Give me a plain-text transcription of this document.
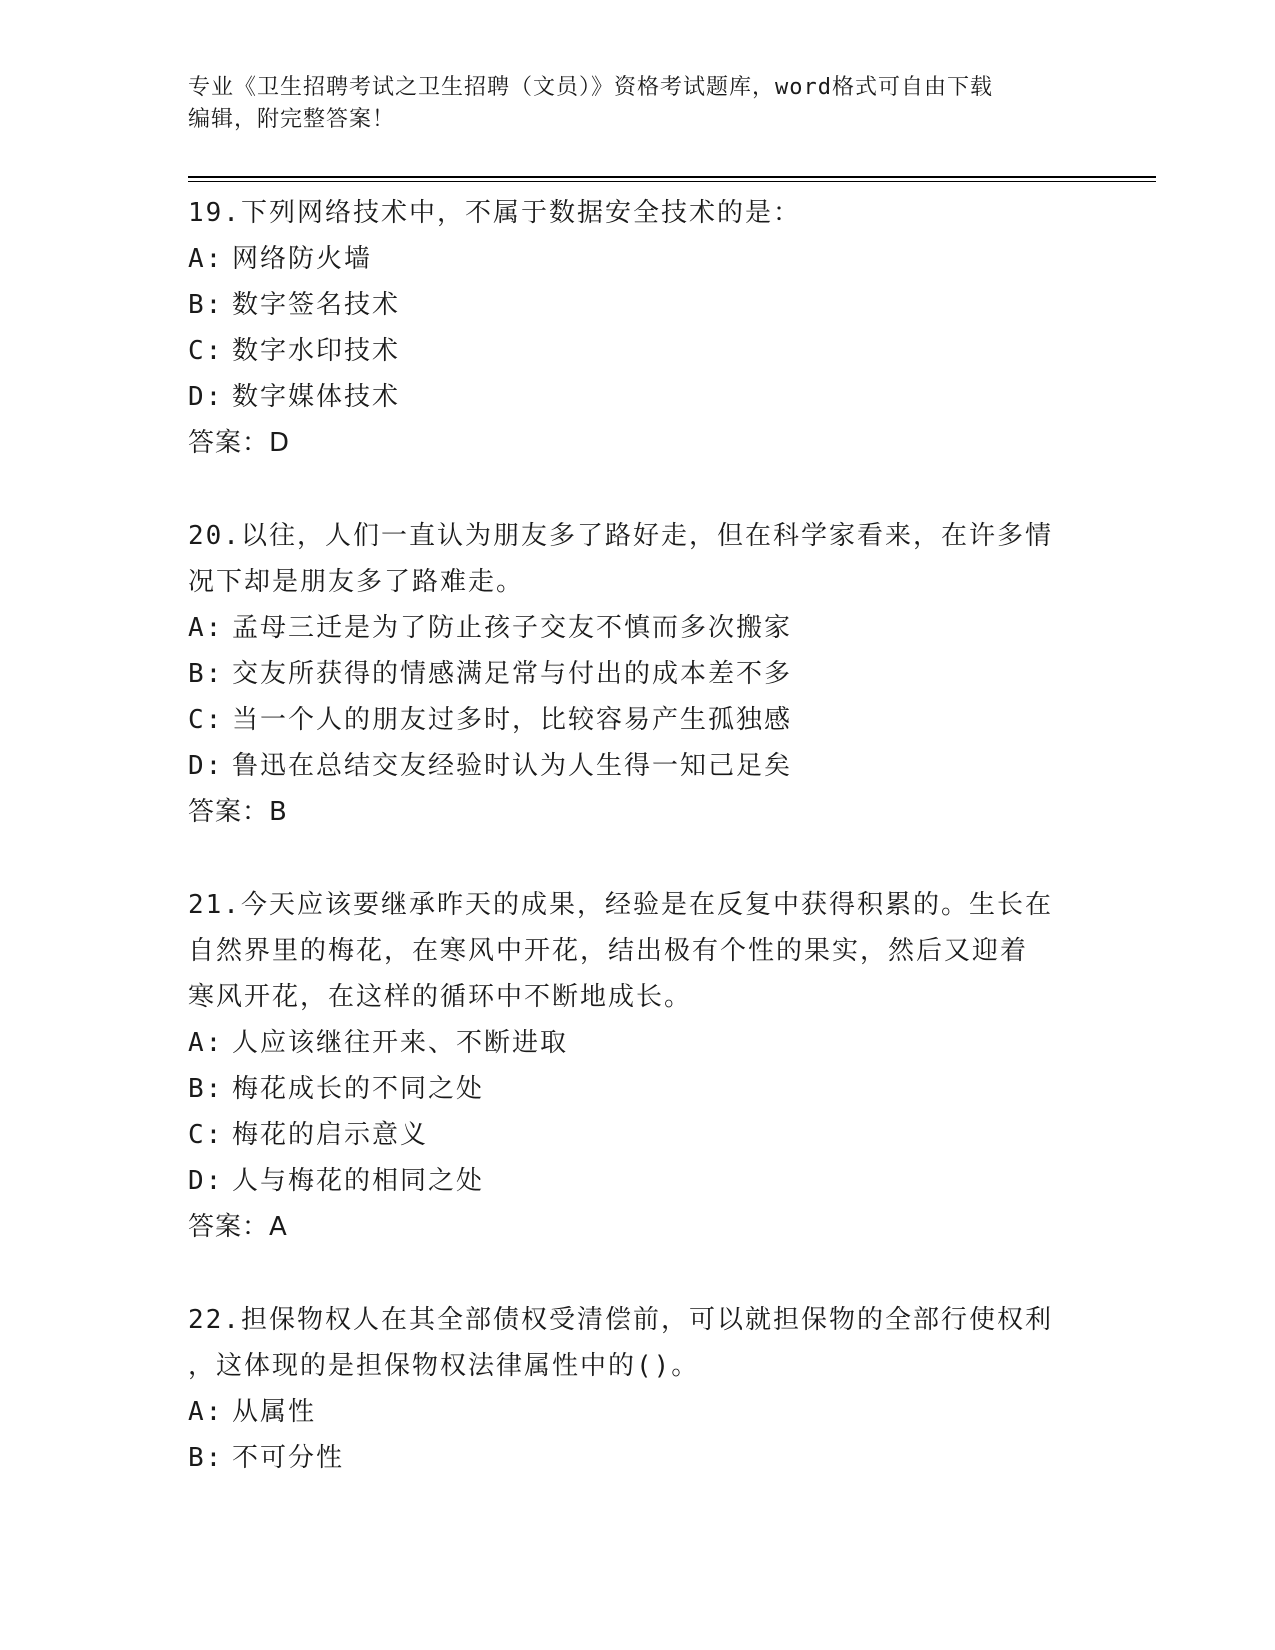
专业《卫生招聘考试之卫生招聘（文员）》资格考试题库，word格式可自由下载
编辑，附完整答案！

19.下列网络技术中，不属于数据安全技术的是：

A: 网络防火墙

B: 数字签名技术

C: 数字水印技术

D: 数字媒体技术

答案：D

20.以往，人们一直认为朋友多了路好走，但在科学家看来，在许多情

况下却是朋友多了路难走。

A: 孟母三迁是为了防止孩子交友不慎而多次搬家

B: 交友所获得的情感满足常与付出的成本差不多

C: 当一个人的朋友过多时，比较容易产生孤独感

D: 鲁迅在总结交友经验时认为人生得一知己足矣

答案：B

21.今天应该要继承昨天的成果，经验是在反复中获得积累的。生长在

自然界里的梅花，在寒风中开花，结出极有个性的果实，然后又迎着

寒风开花，在这样的循环中不断地成长。

A: 人应该继往开来、不断进取

B: 梅花成长的不同之处

C: 梅花的启示意义

D: 人与梅花的相同之处

答案：A

22.担保物权人在其全部债权受清偿前，可以就担保物的全部行使权利

，这体现的是担保物权法律属性中的()。

A: 从属性

B: 不可分性
